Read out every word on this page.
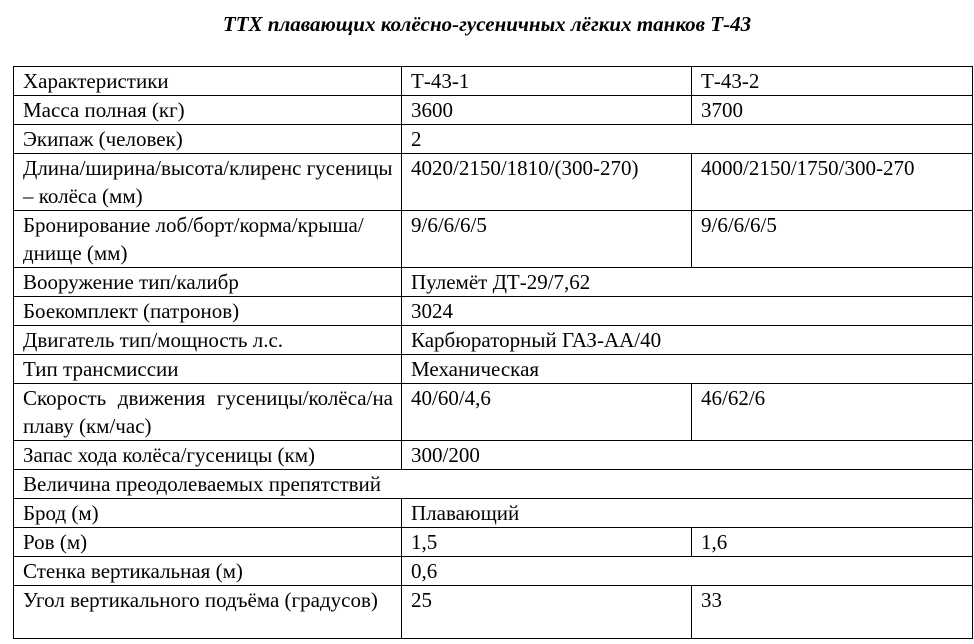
ТТХ плавающих колёсно-гусеничных лёгких танков Т-43
Характеристики	Т-43-1	Т-43-2
Масса полная (кг)	3600	3700
Экипаж (человек)	2	
Длина/ширина/высота/клиренс гусеницы – колёса (мм)	4020/2150/1810/(300-270)	4000/2150/1750/300-270
Бронирование лоб/борт/корма/крыша/днище (мм)	9/6/6/6/5	9/6/6/6/5
Вооружение тип/калибр	Пулемёт ДТ-29/7,62	
Боекомплект (патронов)	3024	
Двигатель тип/мощность л.с.	Карбюраторный ГАЗ-АА/40	
Тип трансмиссии	Механическая	
Скорость движения гусеницы/колёса/на плаву (км/час)	40/60/4,6	46/62/6
Запас хода колёса/гусеницы (км)	300/200	
Величина преодолеваемых препятствий		
Брод (м)	Плавающий	
Ров (м)	1,5	1,6
Стенка вертикальная (м)	0,6	
Угол вертикального подъёма (градусов)	25	33
